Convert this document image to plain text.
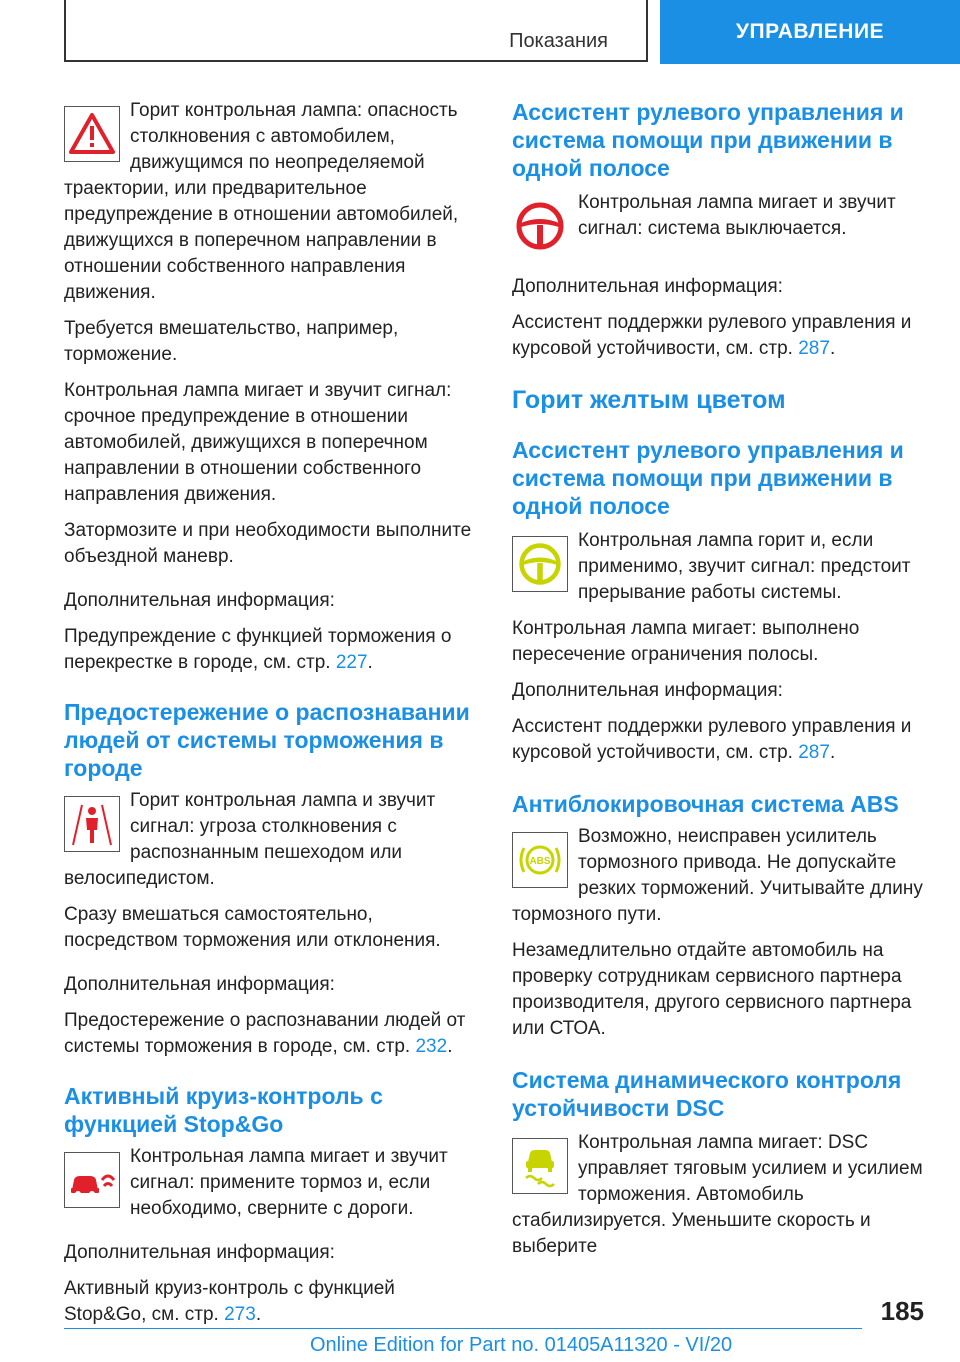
Показания	УПРАВЛЕНИЕ

Горит контрольная лампа: опасность столкновения с автомобилем, движущимся по неопределяемой траектории, или предварительное предупреждение в отношении автомобилей, движущихся в поперечном направлении в отношении собственного направления движения.

Требуется вмешательство, например, торможение.

Контрольная лампа мигает и звучит сигнал: срочное предупреждение в отношении автомобилей, движущихся в поперечном направлении в отношении собственного направления движения.

Затормозите и при необходимости выполните объездной маневр.

Дополнительная информация:

Предупреждение с функцией торможения о перекрестке в городе, см. стр. 227.

Предостережение о распознавании людей от системы торможения в городе

Горит контрольная лампа и звучит сигнал: угроза столкновения с распознанным пешеходом или велосипедистом.

Сразу вмешаться самостоятельно, посредством торможения или отклонения.

Дополнительная информация:

Предостережение о распознавании людей от системы торможения в городе, см. стр. 232.

Активный круиз-контроль с функцией Stop&Go

Контрольная лампа мигает и звучит сигнал: примените тормоз и, если необходимо, сверните с дороги.

Дополнительная информация:

Активный круиз-контроль с функцией Stop&Go, см. стр. 273.

Ассистент рулевого управления и система помощи при движении в одной полосе

Контрольная лампа мигает и звучит сигнал: система выключается.

Дополнительная информация:

Ассистент поддержки рулевого управления и курсовой устойчивости, см. стр. 287.

Горит желтым цветом
Ассистент рулевого управления и система помощи при движении в одной полосе

Контрольная лампа горит и, если применимо, звучит сигнал: предстоит прерывание работы системы.

Контрольная лампа мигает: выполнено пересечение ограничения полосы.

Дополнительная информация:

Ассистент поддержки рулевого управления и курсовой устойчивости, см. стр. 287.

Антиблокировочная система ABS
ABS

Возможно, неисправен усилитель тормозного привода. Не допускайте резких торможений. Учитывайте длину тормозного пути.

Незамедлительно отдайте автомобиль на проверку сотрудникам сервисного партнера производителя, другого сервисного партнера или СТОА.

Система динамического контроля устойчивости DSC

Контрольная лампа мигает: DSC управляет тяговым усилием и усилием торможения. Автомобиль стабилизируется. Уменьшите скорость и выберите

185
Online Edition for Part no. 01405A11320 - VI/20
